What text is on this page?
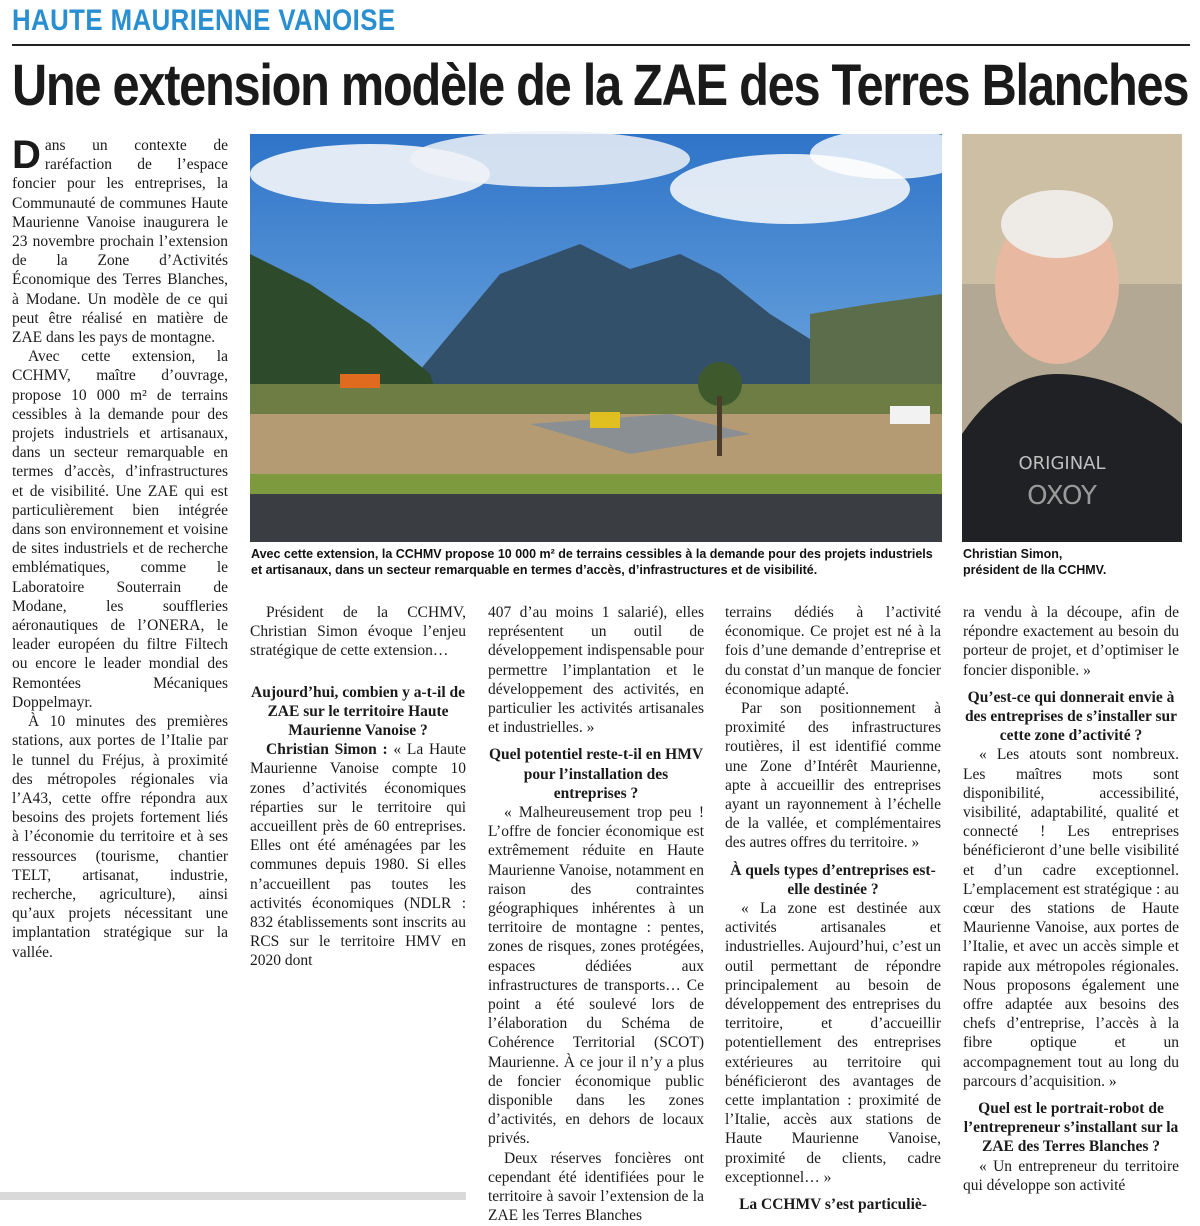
HAUTE MAURIENNE VANOISE
Une extension modèle de la ZAE des Terres Blanches
Avec cette extension, la CCHMV propose 10 000 m² de terrains cessibles à la demande pour des projets industriels et artisanaux, dans un secteur remarquable en termes d’accès, d’infrastructures et de visibilité.
ORIGINAL
OXOY
Christian Simon,
président de lla CCHMV.

Dans un contexte de raréfaction de l’espace foncier pour les entreprises, la Communauté de communes Haute Maurienne Vanoise inaugurera le 23 novembre prochain l’extension de la Zone d’Activités Économique des Terres Blanches, à Modane. Un modèle de ce qui peut être réalisé en matière de ZAE dans les pays de montagne.

Avec cette extension, la CCHMV, maître d’ouvrage, propose 10 000 m² de terrains cessibles à la demande pour des projets industriels et artisanaux, dans un secteur remarquable en termes d’accès, d’infrastructures et de visibilité. Une ZAE qui est particulièrement bien intégrée dans son environnement et voisine de sites industriels et de recherche emblématiques, comme le Laboratoire Souterrain de Modane, les souffleries aéronautiques de l’ONERA, le leader européen du filtre Filtech ou encore le leader mondial des Remontées Mécaniques Doppelmayr.

À 10 minutes des premières stations, aux portes de l’Italie par le tunnel du Fréjus, à proximité des métropoles régionales via l’A43, cette offre répondra aux besoins des projets fortement liés à l’économie du territoire et à ses ressources (tourisme, chantier TELT, artisanat, industrie, recherche, agriculture), ainsi qu’aux projets nécessitant une implantation stratégique sur la vallée.

Président de la CCHMV, Christian Simon évoque l’enjeu stratégique de cette extension…

Aujourd’hui, combien y a-t-il de ZAE sur le territoire Haute Maurienne Vanoise ?

Christian Simon : « La Haute Maurienne Vanoise compte 10 zones d’activités économiques réparties sur le territoire qui accueillent près de 60 entreprises. Elles ont été aménagées par les communes depuis 1980. Si elles n’accueillent pas toutes les activités économiques (NDLR : 832 établissements sont inscrits au RCS sur le territoire HMV en 2020 dont

407 d’au moins 1 salarié), elles représentent un outil de développement indispensable pour permettre l’implantation et le développement des activités, en particulier les activités artisanales et industrielles. »

Quel potentiel reste-t-il en HMV pour l’installation des entreprises ?

« Malheureusement trop peu ! L’offre de foncier économique est extrêmement réduite en Haute Maurienne Vanoise, notamment en raison des contraintes géographiques inhérentes à un territoire de montagne : pentes, zones de risques, zones protégées, espaces dédiées aux infrastructures de transports… Ce point a été soulevé lors de l’élaboration du Schéma de Cohérence Territorial (SCOT) Maurienne. À ce jour il n’y a plus de foncier économique public disponible dans les zones d’activités, en dehors de locaux privés.

Deux réserves foncières ont cependant été identifiées pour le territoire à savoir l’extension de la ZAE les Terres Blanches

terrains dédiés à l’activité économique. Ce projet est né à la fois d’une demande d’entreprise et du constat d’un manque de foncier économique adapté.

Par son positionnement à proximité des infrastructures routières, il est identifié comme une Zone d’Intérêt Maurienne, apte à accueillir des entreprises ayant un rayonnement à l’échelle de la vallée, et complémentaires des autres offres du territoire. »

À quels types d’entreprises est-elle destinée ?

« La zone est destinée aux activités artisanales et industrielles. Aujourd’hui, c’est un outil permettant de répondre principalement au besoin de développement des entreprises du territoire, et d’accueillir potentiellement des entreprises extérieures au territoire qui bénéficieront des avantages de cette implantation : proximité de l’Italie, accès aux stations de Haute Maurienne Vanoise, proximité de clients, cadre exceptionnel… »

La CCHMV s’est particuliè-

ra vendu à la découpe, afin de répondre exactement au besoin du porteur de projet, et d’optimiser le foncier disponible. »

Qu’est-ce qui donnerait envie à des entreprises de s’installer sur cette zone d’activité ?

« Les atouts sont nombreux. Les maîtres mots sont disponibilité, accessibilité, visibilité, adaptabilité, qualité et connecté ! Les entreprises bénéficieront d’une belle visibilité et d’un cadre exceptionnel. L’emplacement est stratégique : au cœur des stations de Haute Maurienne Vanoise, aux portes de l’Italie, et avec un accès simple et rapide aux métropoles régionales. Nous proposons également une offre adaptée aux besoins des chefs d’entreprise, l’accès à la fibre optique et un accompagnement tout au long du parcours d’acquisition. »

Quel est le portrait-robot de l’entrepreneur s’installant sur la ZAE des Terres Blanches ?

« Un entrepreneur du territoire qui développe son activité
